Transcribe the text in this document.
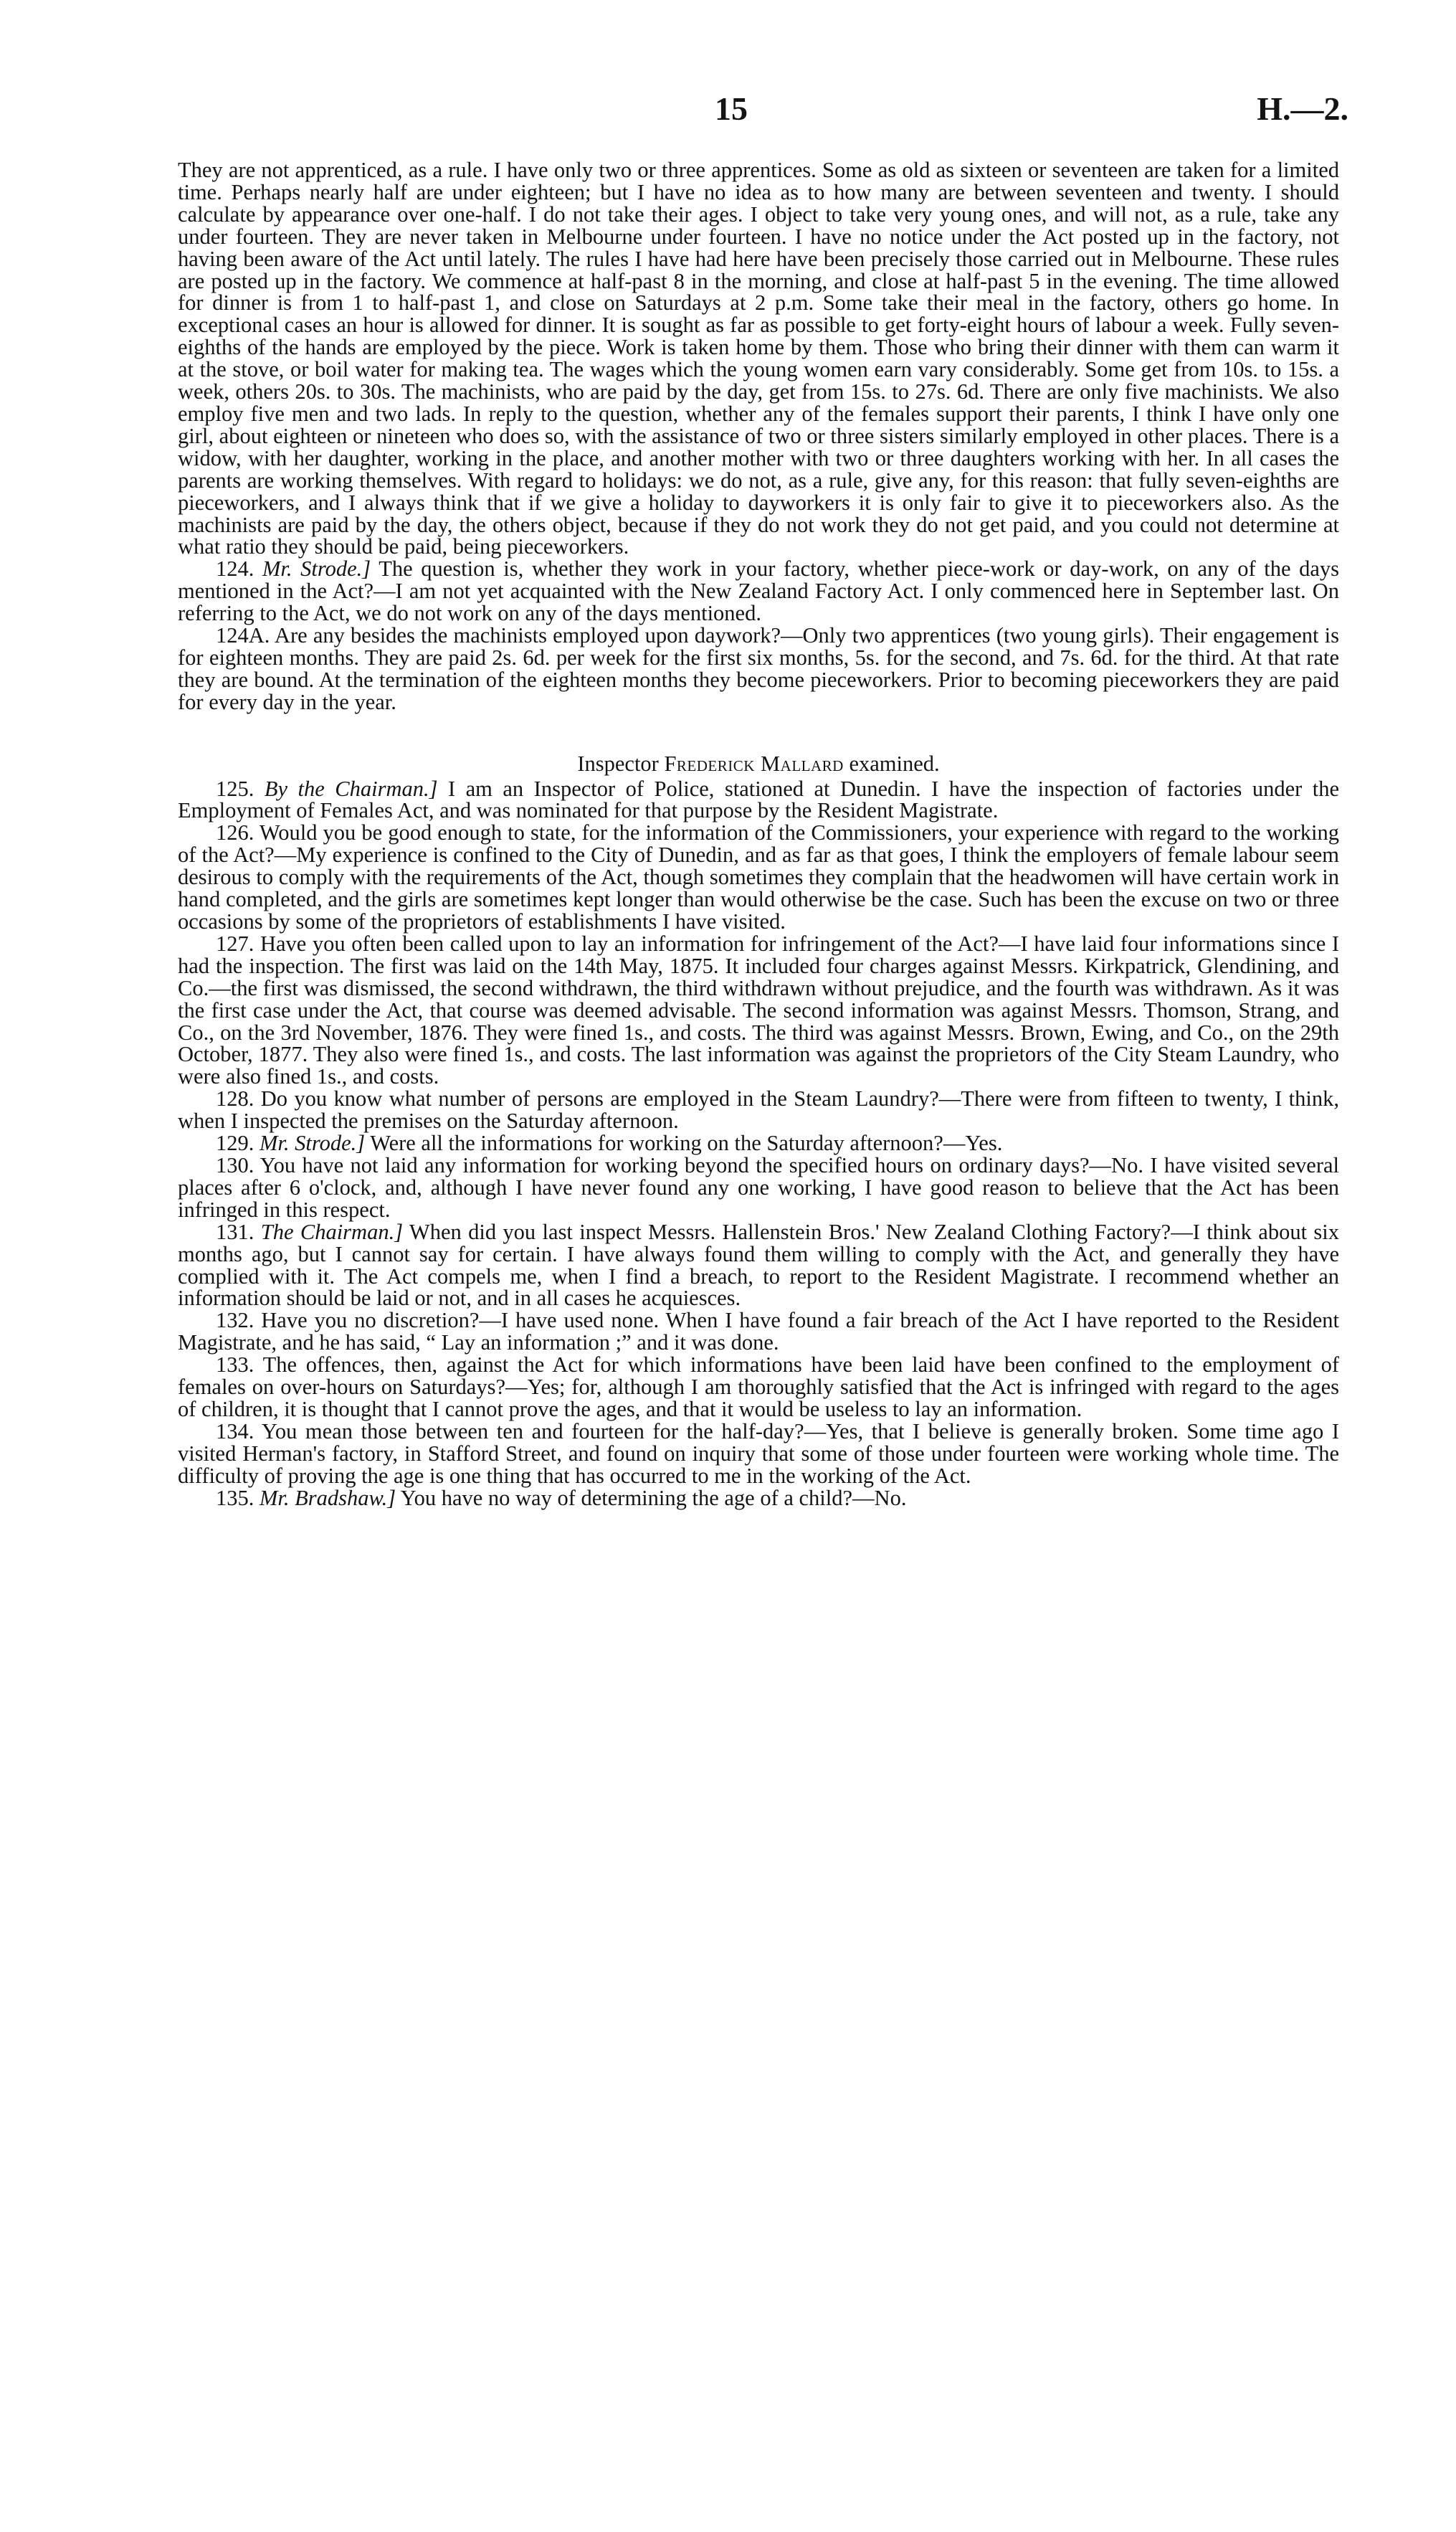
15	H.—2.

They are not apprenticed, as a rule. I have only two or three apprentices. Some as old as sixteen or seventeen are taken for a limited time. Perhaps nearly half are under eighteen; but I have no idea as to how many are between seventeen and twenty. I should calculate by appearance over one-half. I do not take their ages. I object to take very young ones, and will not, as a rule, take any under fourteen. They are never taken in Melbourne under fourteen. I have no notice under the Act posted up in the factory, not having been aware of the Act until lately. The rules I have had here have been precisely those carried out in Melbourne. These rules are posted up in the factory. We commence at half-past 8 in the morning, and close at half-past 5 in the evening. The time allowed for dinner is from 1 to half-past 1, and close on Saturdays at 2 p.m. Some take their meal in the factory, others go home. In exceptional cases an hour is allowed for dinner. It is sought as far as possible to get forty-eight hours of labour a week. Fully seven-eighths of the hands are employed by the piece. Work is taken home by them. Those who bring their dinner with them can warm it at the stove, or boil water for making tea. The wages which the young women earn vary considerably. Some get from 10s. to 15s. a week, others 20s. to 30s. The machinists, who are paid by the day, get from 15s. to 27s. 6d. There are only five machinists. We also employ five men and two lads. In reply to the question, whether any of the females support their parents, I think I have only one girl, about eighteen or nineteen who does so, with the assistance of two or three sisters similarly employed in other places. There is a widow, with her daughter, working in the place, and another mother with two or three daughters working with her. In all cases the parents are working themselves. With regard to holidays: we do not, as a rule, give any, for this reason: that fully seven-eighths are pieceworkers, and I always think that if we give a holiday to dayworkers it is only fair to give it to pieceworkers also. As the machinists are paid by the day, the others object, because if they do not work they do not get paid, and you could not determine at what ratio they should be paid, being pieceworkers.

124. Mr. Strode.] The question is, whether they work in your factory, whether piece-work or day-work, on any of the days mentioned in the Act?—I am not yet acquainted with the New Zealand Factory Act. I only commenced here in September last. On referring to the Act, we do not work on any of the days mentioned.

124A. Are any besides the machinists employed upon daywork?—Only two apprentices (two young girls). Their engagement is for eighteen months. They are paid 2s. 6d. per week for the first six months, 5s. for the second, and 7s. 6d. for the third. At that rate they are bound. At the termination of the eighteen months they become pieceworkers. Prior to becoming pieceworkers they are paid for every day in the year.

Inspector Frederick Mallard examined.

125. By the Chairman.] I am an Inspector of Police, stationed at Dunedin. I have the inspection of factories under the Employment of Females Act, and was nominated for that purpose by the Resident Magistrate.

126. Would you be good enough to state, for the information of the Commissioners, your experience with regard to the working of the Act?—My experience is confined to the City of Dunedin, and as far as that goes, I think the employers of female labour seem desirous to comply with the requirements of the Act, though sometimes they complain that the headwomen will have certain work in hand completed, and the girls are sometimes kept longer than would otherwise be the case. Such has been the excuse on two or three occasions by some of the proprietors of establishments I have visited.

127. Have you often been called upon to lay an information for infringement of the Act?—I have laid four informations since I had the inspection. The first was laid on the 14th May, 1875. It included four charges against Messrs. Kirkpatrick, Glendining, and Co.—the first was dismissed, the second withdrawn, the third withdrawn without prejudice, and the fourth was withdrawn. As it was the first case under the Act, that course was deemed advisable. The second information was against Messrs. Thomson, Strang, and Co., on the 3rd November, 1876. They were fined 1s., and costs. The third was against Messrs. Brown, Ewing, and Co., on the 29th October, 1877. They also were fined 1s., and costs. The last information was against the proprietors of the City Steam Laundry, who were also fined 1s., and costs.

128. Do you know what number of persons are employed in the Steam Laundry?—There were from fifteen to twenty, I think, when I inspected the premises on the Saturday afternoon.

129. Mr. Strode.] Were all the informations for working on the Saturday afternoon?—Yes.

130. You have not laid any information for working beyond the specified hours on ordinary days?—No. I have visited several places after 6 o'clock, and, although I have never found any one working, I have good reason to believe that the Act has been infringed in this respect.

131. The Chairman.] When did you last inspect Messrs. Hallenstein Bros.' New Zealand Clothing Factory?—I think about six months ago, but I cannot say for certain. I have always found them willing to comply with the Act, and generally they have complied with it. The Act compels me, when I find a breach, to report to the Resident Magistrate. I recommend whether an information should be laid or not, and in all cases he acquiesces.

132. Have you no discretion?—I have used none. When I have found a fair breach of the Act I have reported to the Resident Magistrate, and he has said, “ Lay an information ;” and it was done.

133. The offences, then, against the Act for which informations have been laid have been confined to the employment of females on over-hours on Saturdays?—Yes; for, although I am thoroughly satisfied that the Act is infringed with regard to the ages of children, it is thought that I cannot prove the ages, and that it would be useless to lay an information.

134. You mean those between ten and fourteen for the half-day?—Yes, that I believe is generally broken. Some time ago I visited Herman's factory, in Stafford Street, and found on inquiry that some of those under fourteen were working whole time. The difficulty of proving the age is one thing that has occurred to me in the working of the Act.

135. Mr. Bradshaw.] You have no way of determining the age of a child?—No.
